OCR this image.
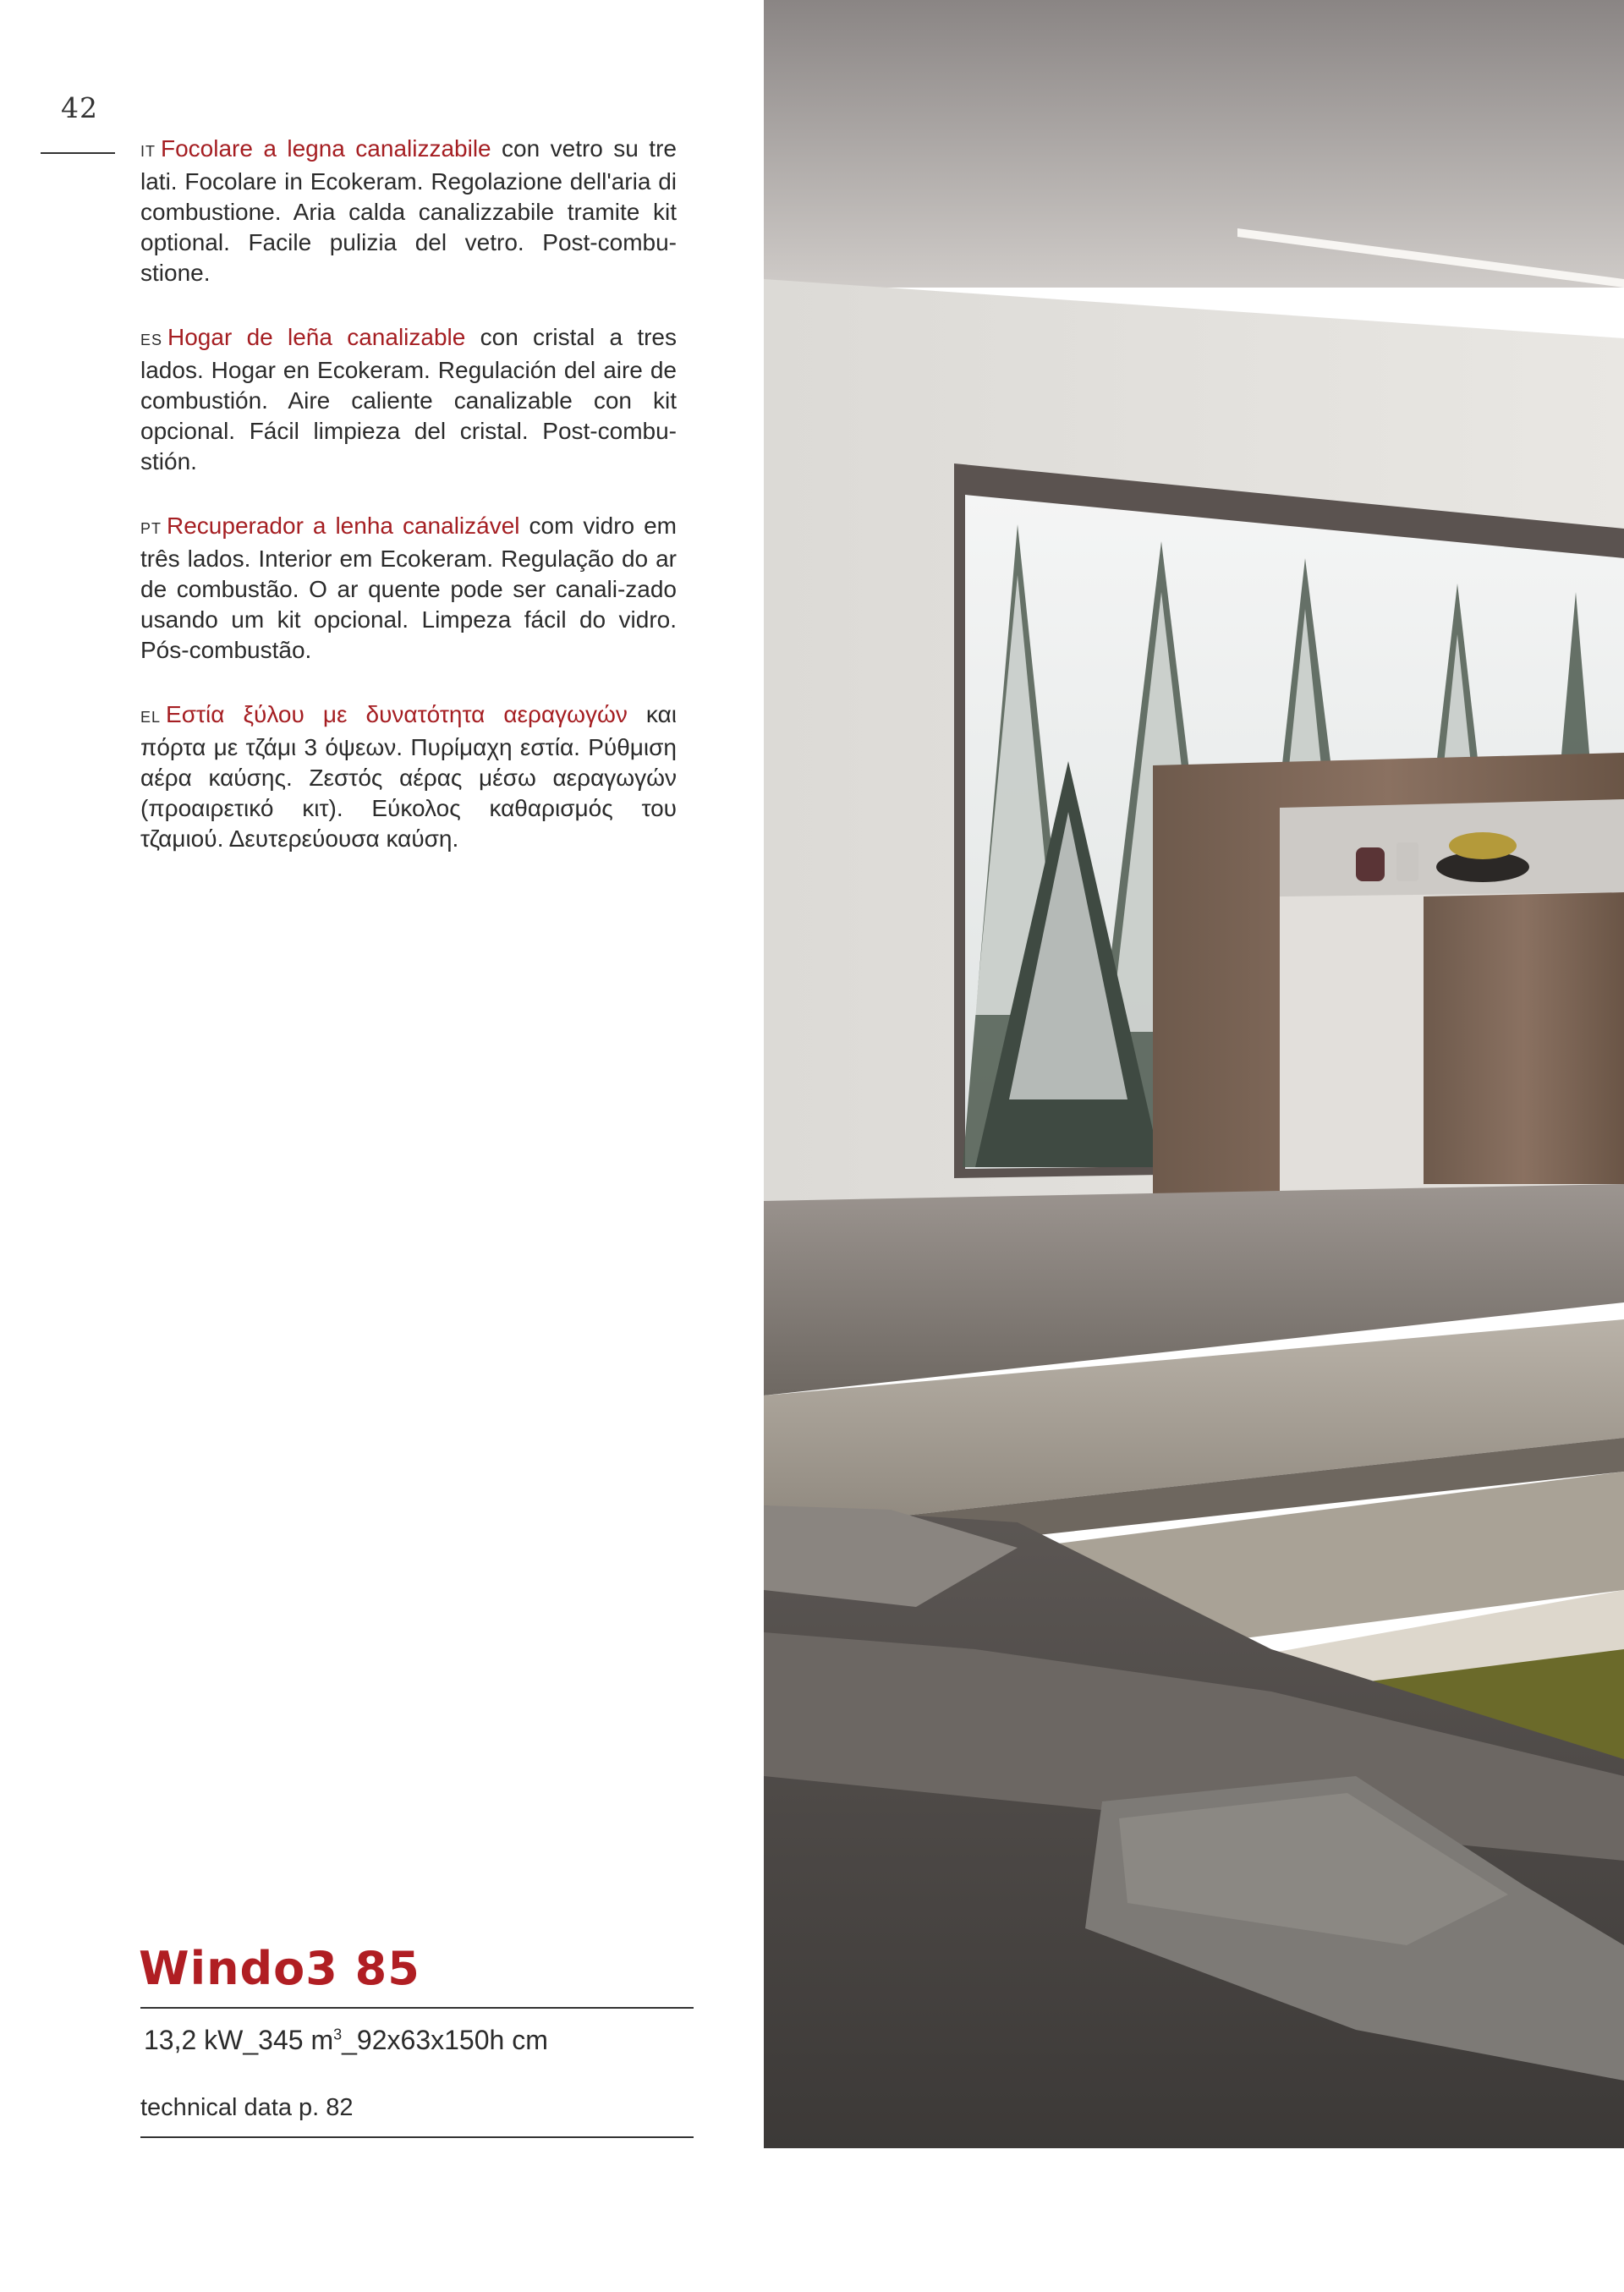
42

IT Focolare a legna canalizzabile con vetro su tre lati. Focolare in Ecokeram. Regolazione dell'aria di combustione. Aria calda canalizzabile tramite kit optional. Facile pulizia del vetro. Post-combu-stione.

ES Hogar de leña canalizable con cristal a tres lados. Hogar en Ecokeram. Regulación del aire de combustión. Aire caliente canalizable con kit opcional. Fácil limpieza del cristal. Post-combu-stión.

PT Recuperador a lenha canalizável com vidro em três lados. Interior em Ecokeram. Regulação do ar de combustão. O ar quente pode ser canali-zado usando um kit opcional. Limpeza fácil do vidro. Pós-combustão.

EL Εστία ξύλου με δυνατότητα αεραγωγών και πόρτα με τζάμι 3 όψεων. Πυρίμαχη εστία. Ρύθμιση αέρα καύσης. Ζεστός αέρας μέσω αεραγωγών (προαιρετικό κιτ). Εύκολος καθαρισμός του τζαμιού. Δευτερεύουσα καύση.

Windo3 85
13,2 kW_345 $m^3\_92x63x150h$ cm
technical data p. 82
